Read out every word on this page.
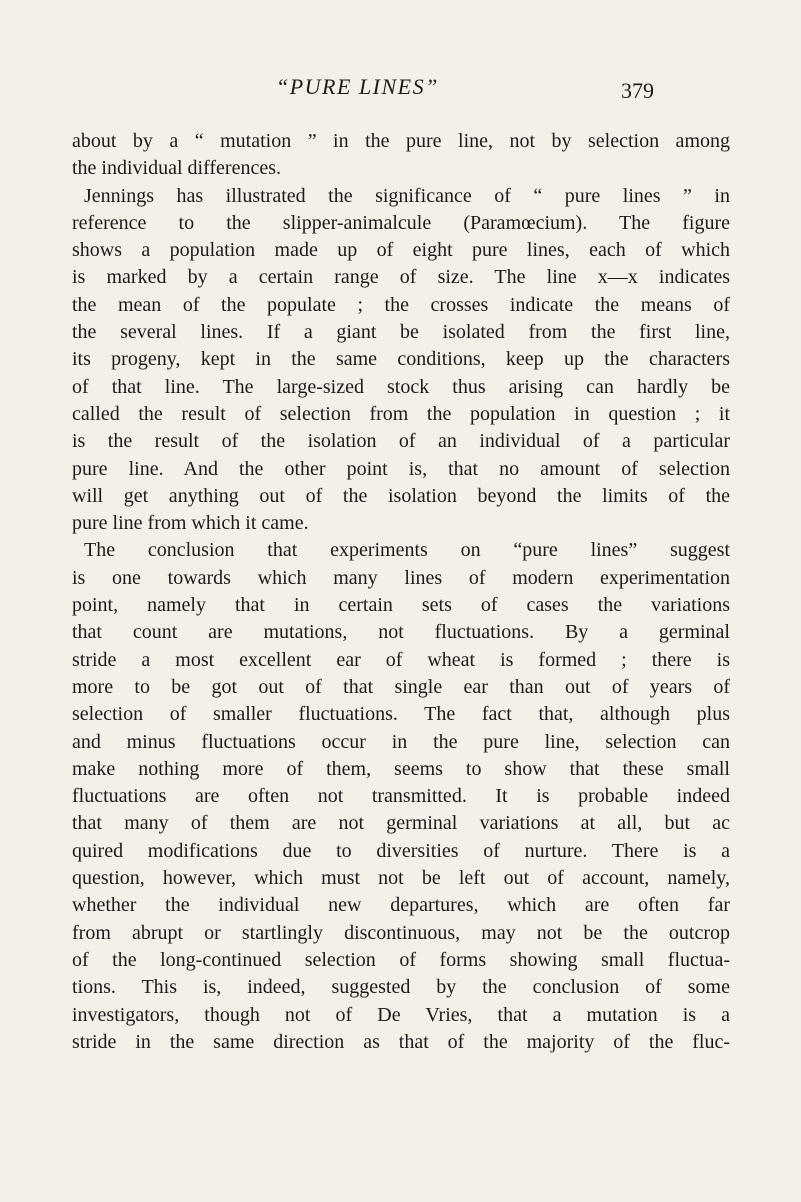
“PURE LINES”	379
about by a “ mutation ” in the pure line, not by selection among
the individual differences.
Jennings has illustrated the significance of “ pure lines ” in
reference to the slipper-animalcule (Paramœcium). The figure
shows a population made up of eight pure lines, each of which
is marked by a certain range of size. The line x—x indicates
the mean of the populate ; the crosses indicate the means of
the several lines. If a giant be isolated from the first line,
its progeny, kept in the same conditions, keep up the characters
of that line. The large-sized stock thus arising can hardly be
called the result of selection from the population in question ; it
is the result of the isolation of an individual of a particular
pure line. And the other point is, that no amount of selection
will get anything out of the isolation beyond the limits of the
pure line from which it came.
The conclusion that experiments on “pure lines” suggest
is one towards which many lines of modern experimentation
point, namely that in certain sets of cases the variations
that count are mutations, not fluctuations. By a germinal
stride a most excellent ear of wheat is formed ; there is
more to be got out of that single ear than out of years of
selection of smaller fluctuations. The fact that, although plus
and minus fluctuations occur in the pure line, selection can
make nothing more of them, seems to show that these small
fluctuations are often not transmitted. It is probable indeed
that many of them are not germinal variations at all, but ac
quired modifications due to diversities of nurture. There is a
question, however, which must not be left out of account, namely,
whether the individual new departures, which are often far
from abrupt or startlingly discontinuous, may not be the outcrop
of the long-continued selection of forms showing small fluctua-
tions. This is, indeed, suggested by the conclusion of some
investigators, though not of De Vries, that a mutation is a
stride in the same direction as that of the majority of the fluc-
